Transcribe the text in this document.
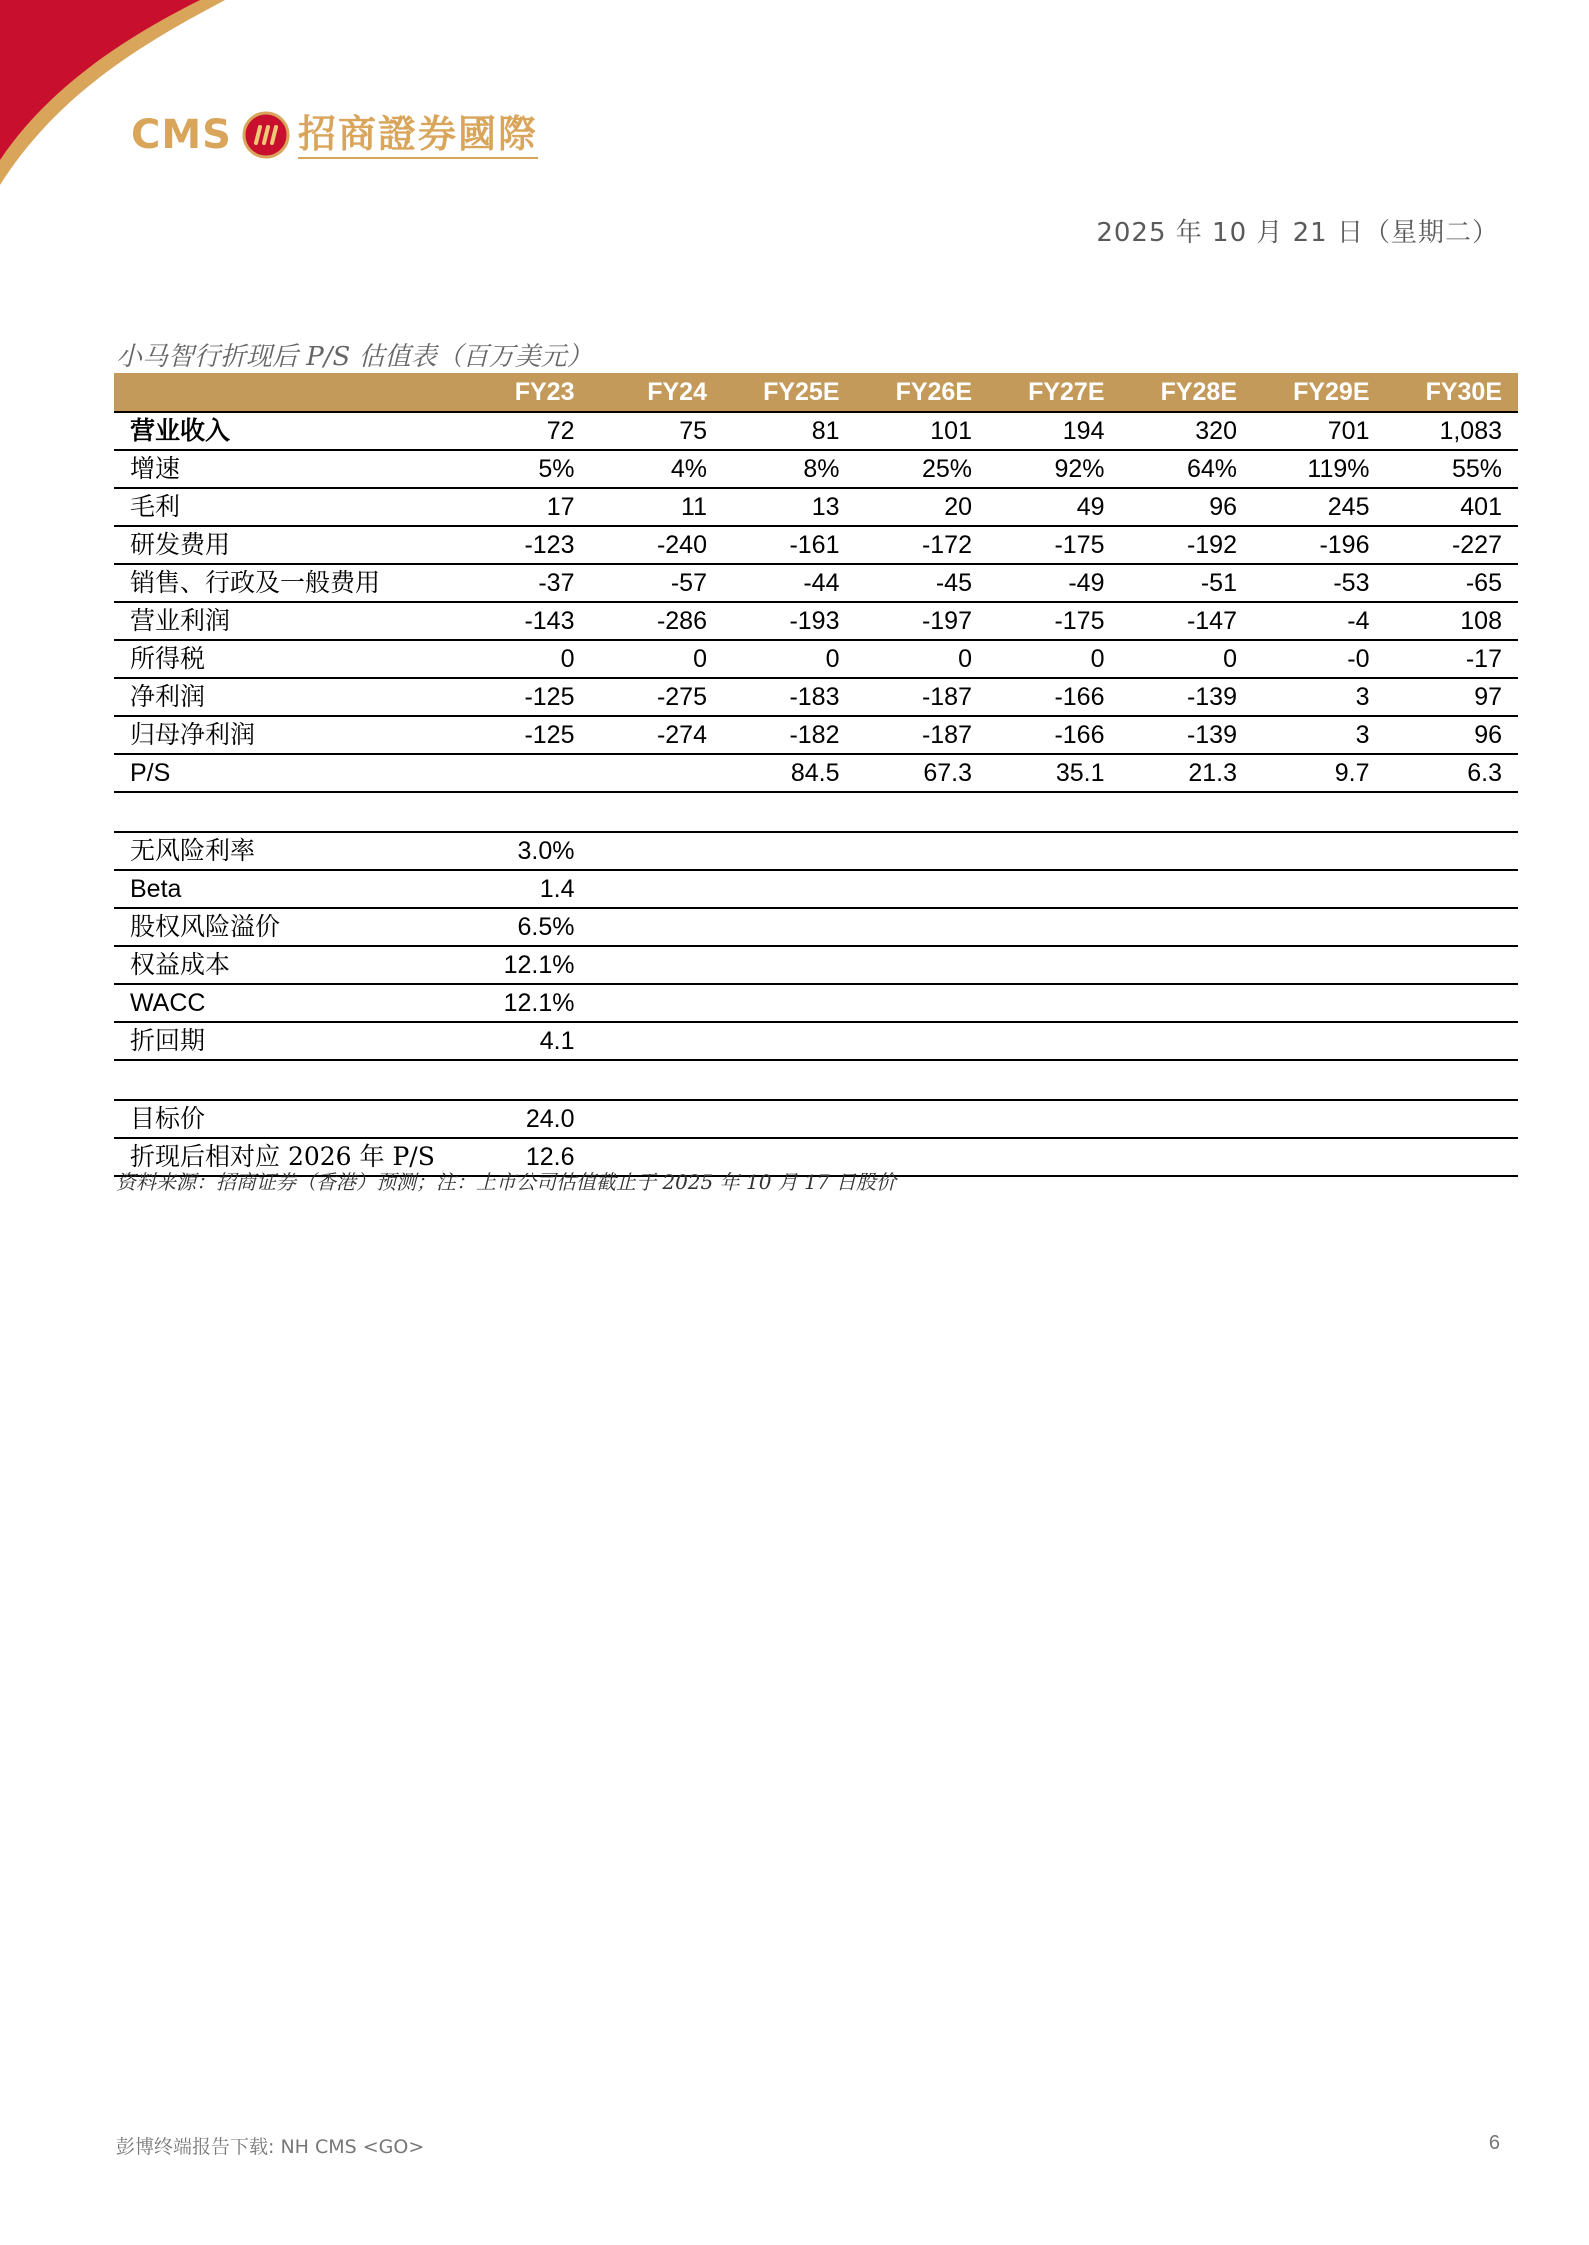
CMS 招商證券國際
2025 年 10 月 21 日（星期二）
小马智行折现后 P/S 估值表（百万美元）
	FY23	FY24	FY25E	FY26E	FY27E	FY28E	FY29E	FY30E
营业收入	72	75	81	101	194	320	701	1,083
增速	5%	4%	8%	25%	92%	64%	119%	55%
毛利	17	11	13	20	49	96	245	401
研发费用	-123	-240	-161	-172	-175	-192	-196	-227
销售、行政及一般费用	-37	-57	-44	-45	-49	-51	-53	-65
营业利润	-143	-286	-193	-197	-175	-147	-4	108
所得税	0	0	0	0	0	0	-0	-17
净利润	-125	-275	-183	-187	-166	-139	3	97
归母净利润	-125	-274	-182	-187	-166	-139	3	96
P/S			84.5	67.3	35.1	21.3	9.7	6.3

无风险利率	3.0%							
Beta	1.4							
股权风险溢价	6.5%							
权益成本	12.1%							
WACC	12.1%							
折回期	4.1							

目标价	24.0							
折现后相对应 2026 年 P/S	12.6							
资料来源：招商证券（香港）预测；注：上市公司估值截止于 2025 年 10 月 17 日股价
彭博终端报告下载: NH CMS <GO>	6
